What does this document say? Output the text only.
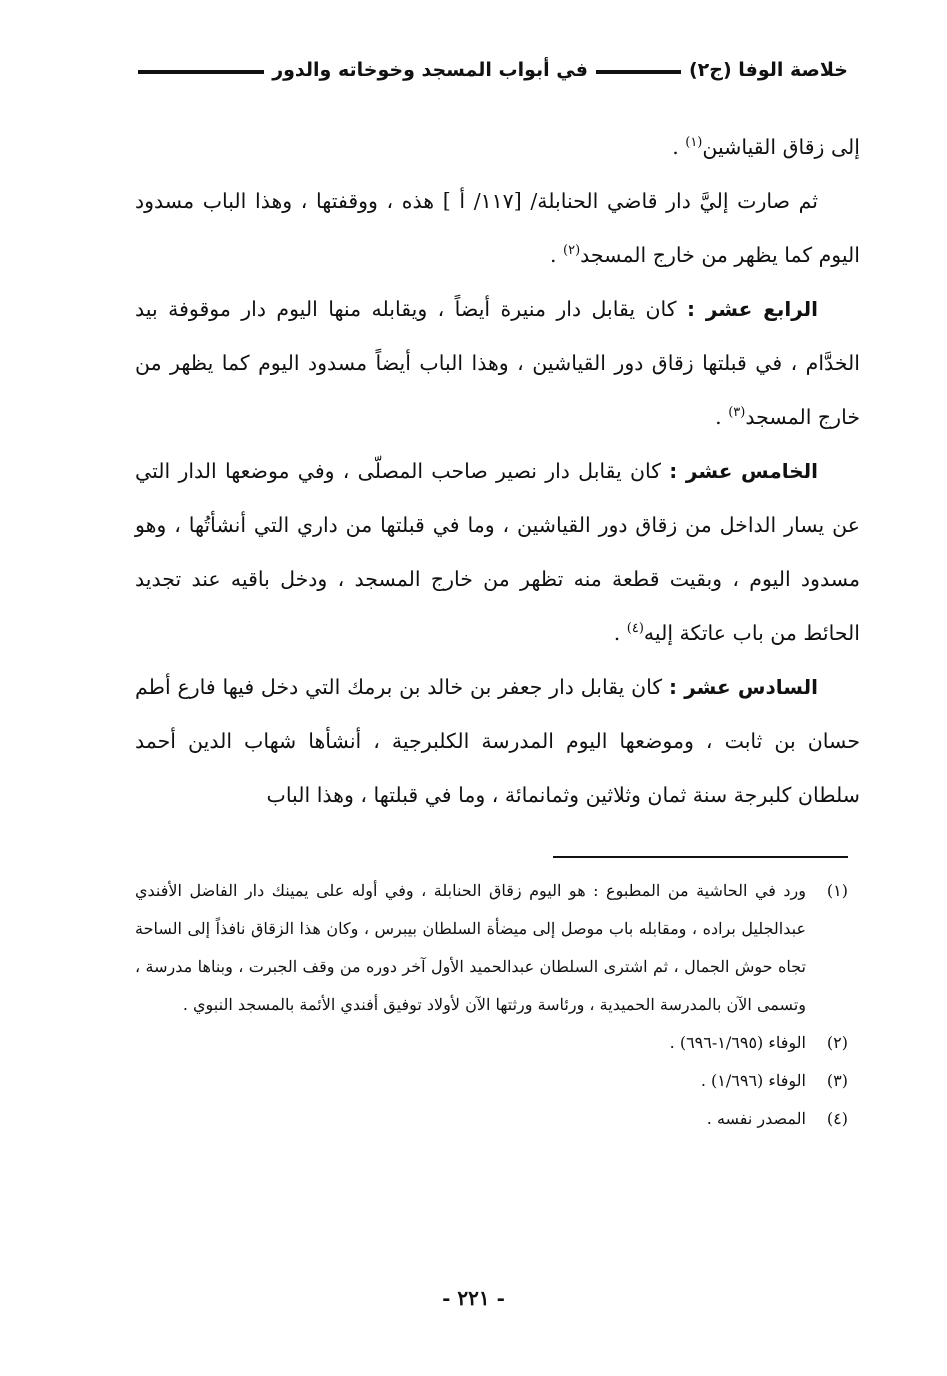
خلاصة الوفا (ج٢)
في أبواب المسجد وخوخاته والدور

إلى زقاق القياشين$^{(١)}$ .

ثم صارت إليَّ دار قاضي الحنابلة/ [١١٧/ أ ] هذه ، ووقفتها ، وهذا الباب مسدود اليوم كما يظهر من خارج المسجد$^{(٢)}$ .

الرابع عشر : كان يقابل دار منيرة أيضاً ، ويقابله منها اليوم دار موقوفة بيد الخدَّام ، في قبلتها زقاق دور القياشين ، وهذا الباب أيضاً مسدود اليوم كما يظهر من خارج المسجد$^{(٣)}$ .

الخامس عشر : كان يقابل دار نصير صاحب المصلّى ، وفي موضعها الدار التي عن يسار الداخل من زقاق دور القياشين ، وما في قبلتها من داري التي أنشأتُها ، وهو مسدود اليوم ، وبقيت قطعة منه تظهر من خارج المسجد ، ودخل باقيه عند تجديد الحائط من باب عاتكة إليه$^{(٤)}$ .

السادس عشر : كان يقابل دار جعفر بن خالد بن برمك التي دخل فيها فارع أطم حسان بن ثابت ، وموضعها اليوم المدرسة الكلبرجية ، أنشأها شهاب الدين أحمد سلطان كلبرجة سنة ثمان وثلاثين وثمانمائة ، وما في قبلتها ، وهذا الباب

(١)
ورد في الحاشية من المطبوع : هو اليوم زقاق الحنابلة ، وفي أوله على يمينك دار الفاضل الأفندي عبدالجليل براده ، ومقابله باب موصل إلى ميضأة السلطان بيبرس ، وكان هذا الزقاق نافذاً إلى الساحة تجاه حوش الجمال ، ثم اشترى السلطان عبدالحميد الأول آخر دوره من وقف الجبرت ، وبناها مدرسة ، وتسمى الآن بالمدرسة الحميدية ، ورئاسة ورثتها الآن لأولاد توفيق أفندي الأئمة بالمسجد النبوي .
(٢)
الوفاء (١/٦٩٥-٦٩٦) .
(٣)
الوفاء (١/٦٩٦) .
(٤)
المصدر نفسه .
- ٢٢١ -
